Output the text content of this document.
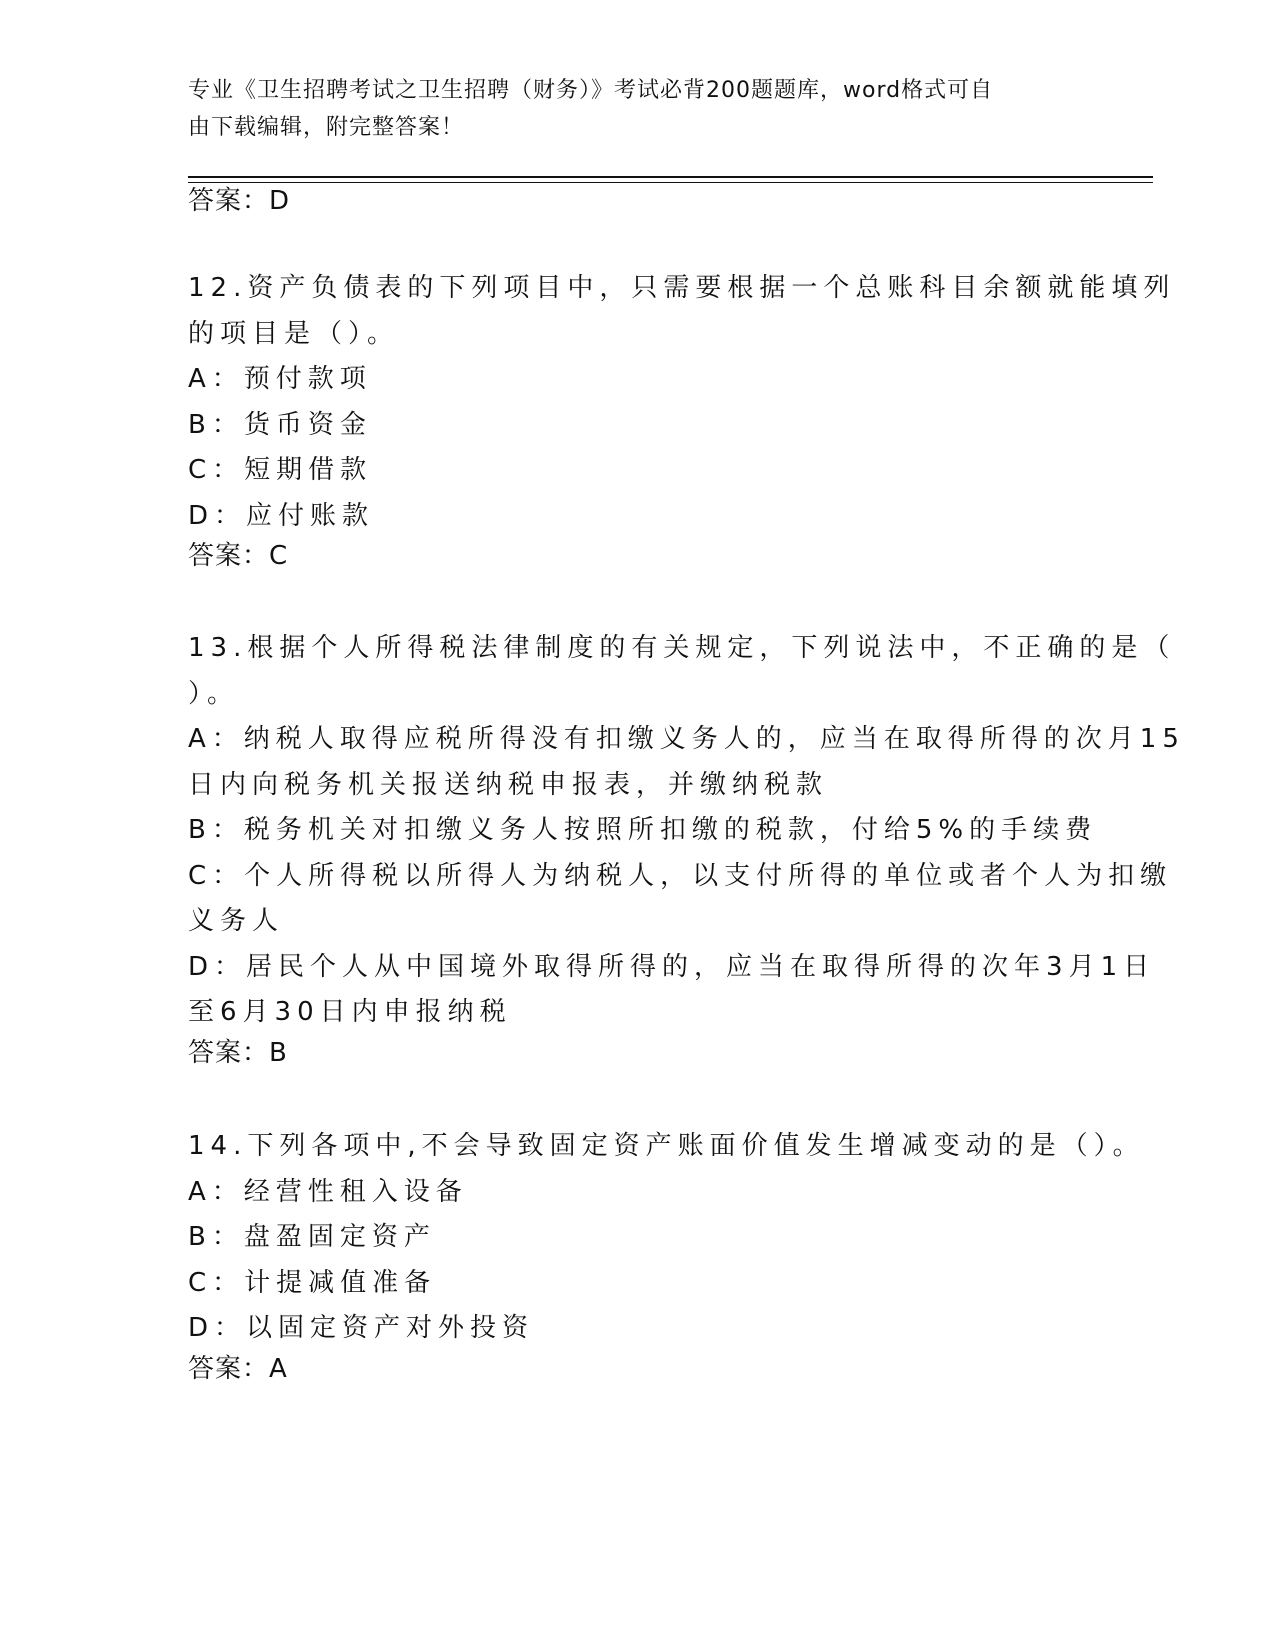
专业《卫生招聘考试之卫生招聘（财务）》考试必背200题题库，word格式可自
由下载编辑，附完整答案！
答案：D
12.资产负债表的下列项目中，只需要根据一个总账科目余额就能填列
的项目是（）。
A：预付款项
B：货币资金
C：短期借款
D：应付账款
答案：C
13.根据个人所得税法律制度的有关规定，下列说法中，不正确的是（
）。
A：纳税人取得应税所得没有扣缴义务人的，应当在取得所得的次月15
日内向税务机关报送纳税申报表，并缴纳税款
B：税务机关对扣缴义务人按照所扣缴的税款，付给5%的手续费
C：个人所得税以所得人为纳税人，以支付所得的单位或者个人为扣缴
义务人
D：居民个人从中国境外取得所得的，应当在取得所得的次年3月1日
至6月30日内申报纳税
答案：B
14.下列各项中,不会导致固定资产账面价值发生增减变动的是（）。
A：经营性租入设备
B：盘盈固定资产
C：计提减值准备
D：以固定资产对外投资
答案：A
